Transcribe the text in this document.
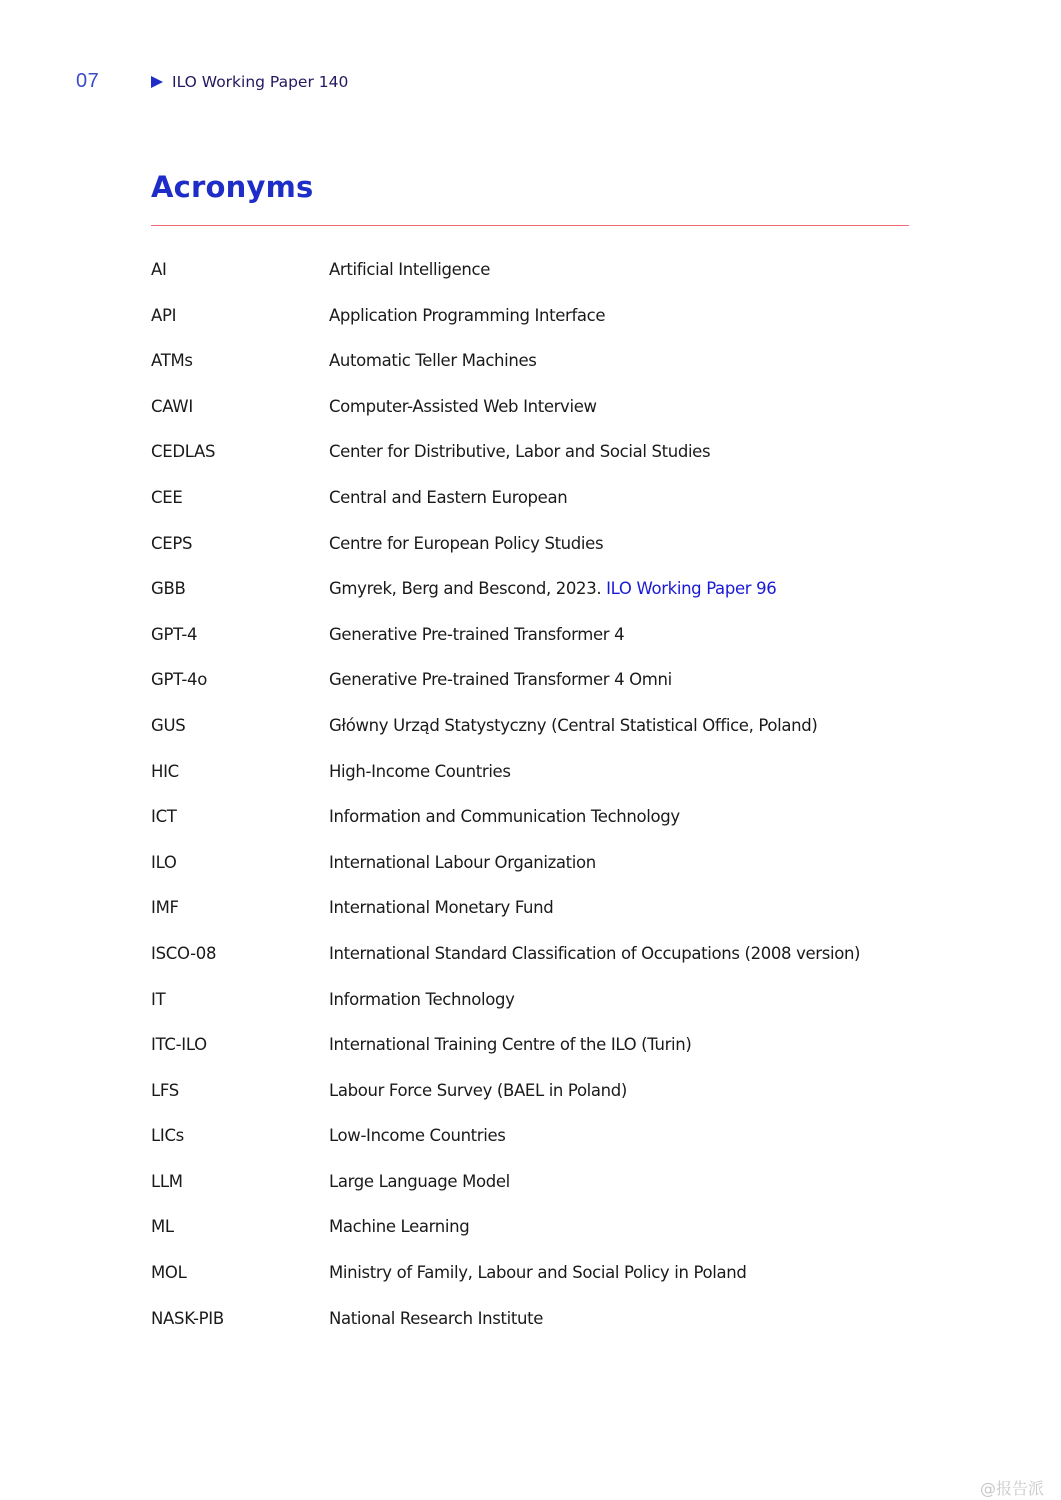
07	ILO Working Paper 140
Acronyms
AI	Artificial Intelligence
API	Application Programming Interface
ATMs	Automatic Teller Machines
CAWI	Computer-Assisted Web Interview
CEDLAS	Center for Distributive, Labor and Social Studies
CEE	Central and Eastern European
CEPS	Centre for European Policy Studies
GBB	Gmyrek, Berg and Bescond, 2023. ILO Working Paper 96
GPT-4	Generative Pre-trained Transformer 4
GPT-4o	Generative Pre-trained Transformer 4 Omni
GUS	Główny Urząd Statystyczny (Central Statistical Office, Poland)
HIC	High-Income Countries
ICT	Information and Communication Technology
ILO	International Labour Organization
IMF	International Monetary Fund
ISCO-08	International Standard Classification of Occupations (2008 version)
IT	Information Technology
ITC-ILO	International Training Centre of the ILO (Turin)
LFS	Labour Force Survey (BAEL in Poland)
LICs	Low-Income Countries
LLM	Large Language Model
ML	Machine Learning
MOL	Ministry of Family, Labour and Social Policy in Poland
NASK-PIB	National Research Institute
@报告派
